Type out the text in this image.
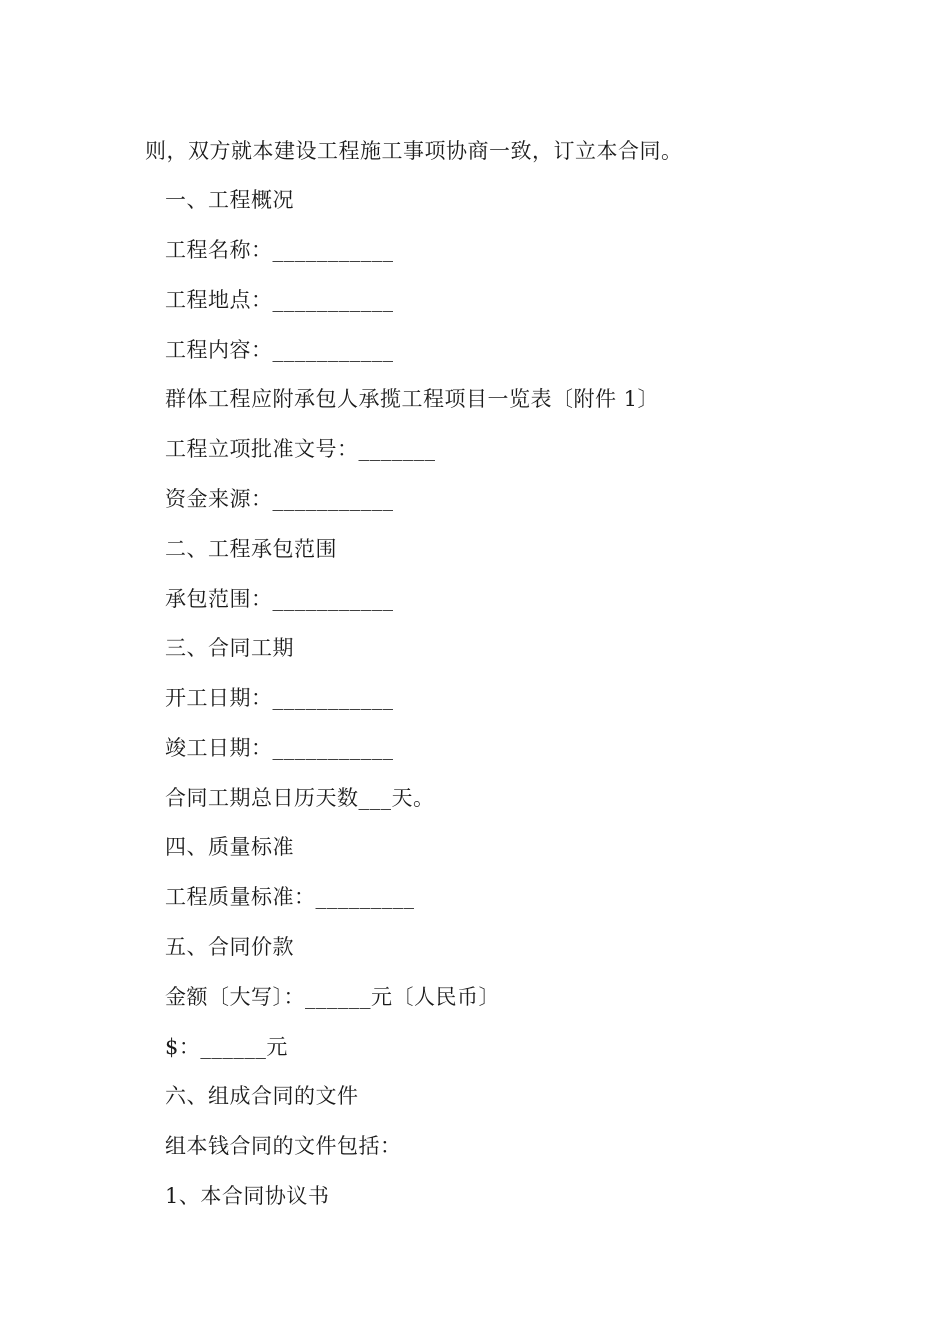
则，双方就本建设工程施工事项协商一致，订立本合同。
一、工程概况
工程名称：___________
工程地点：___________
工程内容：___________
群体工程应附承包人承揽工程项目一览表〔附件 1〕
工程立项批准文号：_______
资金来源：___________
二、工程承包范围
承包范围：___________
三、合同工期
开工日期：___________
竣工日期：___________
合同工期总日历天数___天。
四、质量标准
工程质量标准：_________
五、合同价款
金额〔大写〕：______元〔人民币〕
$：______元
六、组成合同的文件
组本钱合同的文件包括：
1、本合同协议书
